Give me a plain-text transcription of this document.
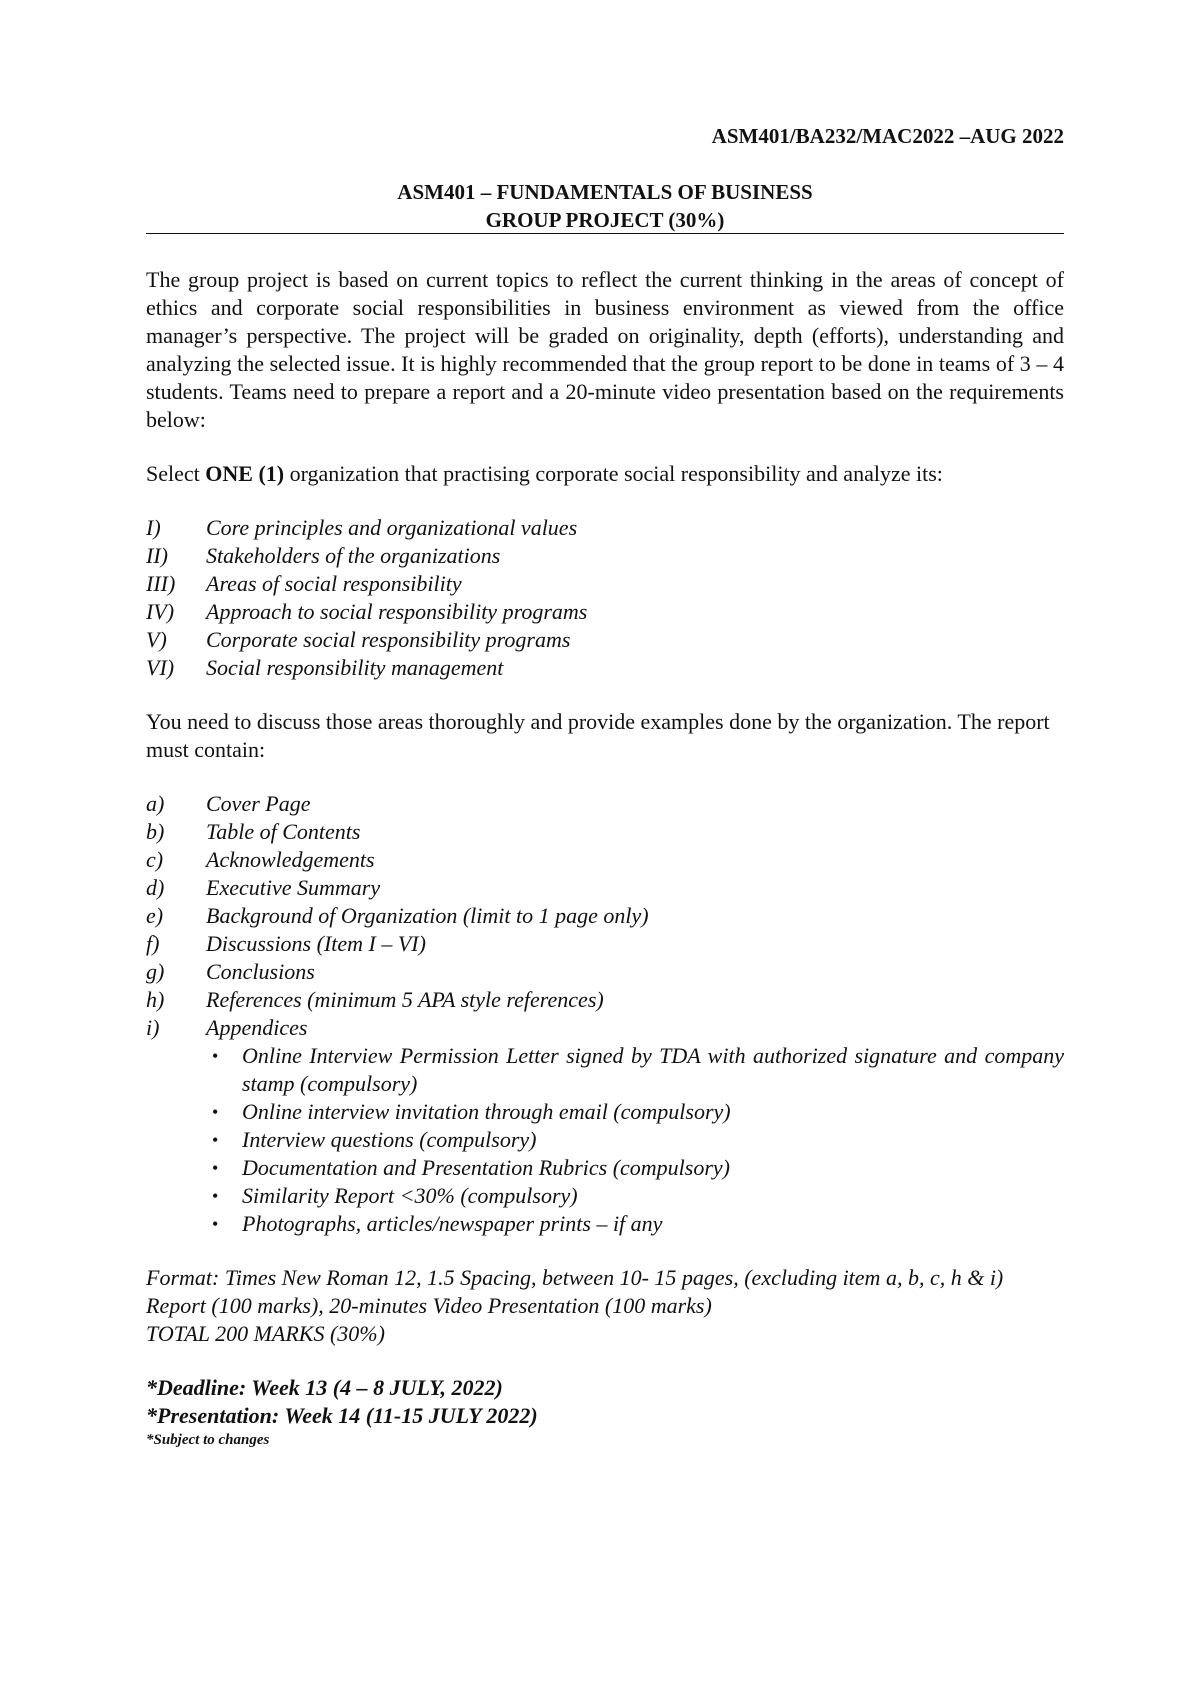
ASM401/BA232/MAC2022 –AUG 2022
ASM401 – FUNDAMENTALS OF BUSINESS
GROUP PROJECT (30%)

The group project is based on current topics to reflect the current thinking in the areas of concept of ethics and corporate social responsibilities in business environment as viewed from the office manager’s perspective. The project will be graded on originality, depth (efforts), understanding and analyzing the selected issue. It is highly recommended that the group report to be done in teams of 3 – 4 students. Teams need to prepare a report and a 20-minute video presentation based on the requirements below:

Select ONE (1) organization that practising corporate social responsibility and analyze its:

I)	Core principles and organizational values
II)	Stakeholders of the organizations
III)	Areas of social responsibility
IV)	Approach to social responsibility programs
V)	Corporate social responsibility programs
VI)	Social responsibility management

You need to discuss those areas thoroughly and provide examples done by the organization. The report must contain:

a)	Cover Page
b)	Table of Contents
c)	Acknowledgements
d)	Executive Summary
e)	Background of Organization (limit to 1 page only)
f)	Discussions (Item I – VI)
g)	Conclusions
h)	References (minimum 5 APA style references)
i)	Appendices
•	Online Interview Permission Letter signed by TDA with authorized signature and company stamp (compulsory)
•	Online interview invitation through email (compulsory)
•	Interview questions (compulsory)
•	Documentation and Presentation Rubrics (compulsory)
•	Similarity Report <30% (compulsory)
•	Photographs, articles/newspaper prints – if any

Format: Times New Roman 12, 1.5 Spacing, between 10- 15 pages, (excluding item a, b, c, h & i)

Report (100 marks), 20-minutes Video Presentation (100 marks)

TOTAL 200 MARKS (30%)

*Deadline: Week 13 (4 – 8 JULY, 2022)

*Presentation: Week 14 (11-15 JULY 2022)

*Subject to changes
